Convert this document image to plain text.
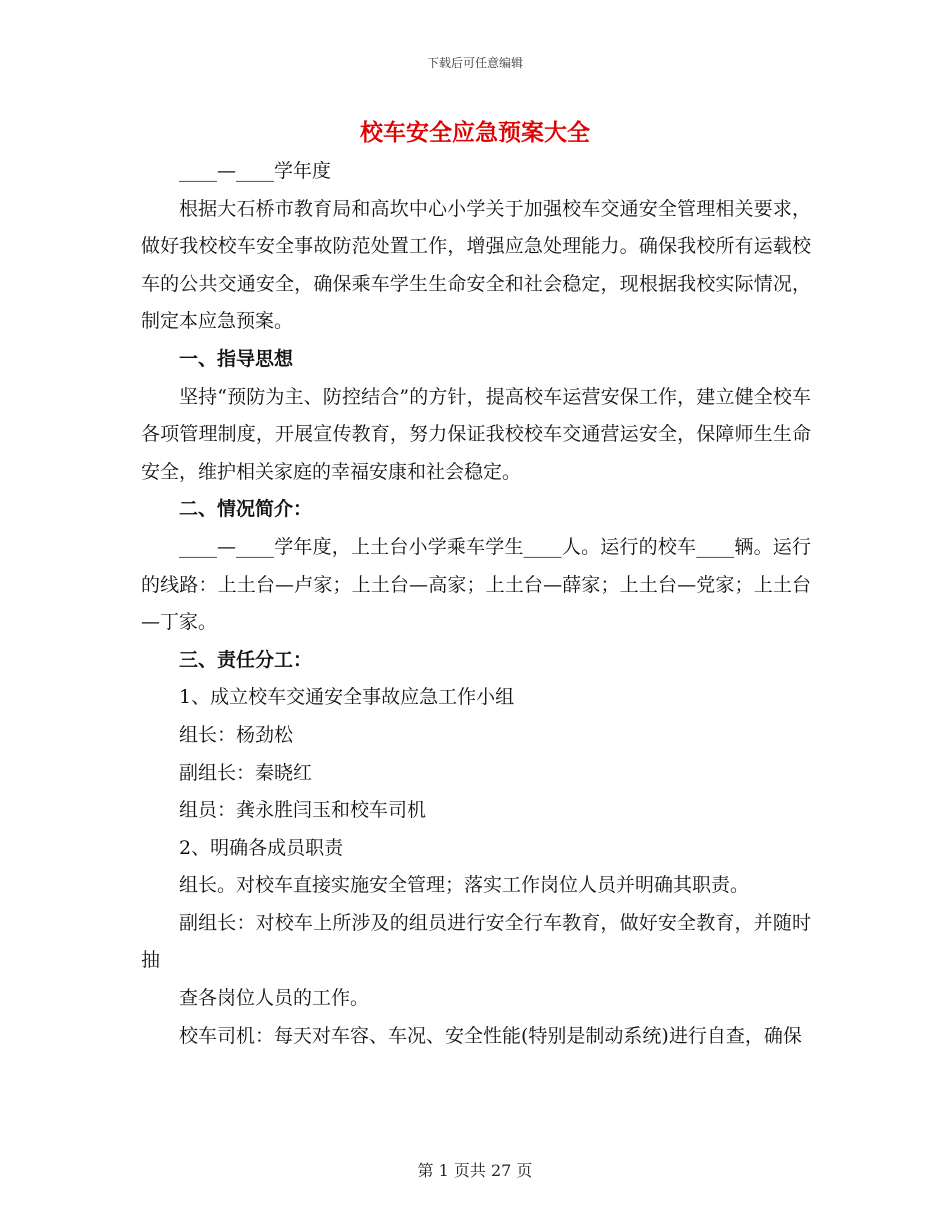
下载后可任意编辑
校车安全应急预案大全

____—____学年度

根据大石桥市教育局和高坎中心小学关于加强校车交通安全管理相关要求，做好我校校车安全事故防范处置工作，增强应急处理能力。确保我校所有运载校车的公共交通安全，确保乘车学生生命安全和社会稳定，现根据我校实际情况，制定本应急预案。

一、指导思想

坚持“预防为主、防控结合”的方针，提高校车运营安保工作，建立健全校车各项管理制度，开展宣传教育，努力保证我校校车交通营运安全，保障师生生命安全，维护相关家庭的幸福安康和社会稳定。

二、情况简介：

____—____学年度，上土台小学乘车学生____人。运行的校车____辆。运行的线路：上土台—卢家；上土台—高家；上土台—薛家；上土台—党家；上土台—丁家。

三、责任分工：

1、成立校车交通安全事故应急工作小组

组长：杨劲松

副组长：秦晓红

组员：龚永胜闫玉和校车司机

2、明确各成员职责

组长。对校车直接实施安全管理；落实工作岗位人员并明确其职责。

副组长：对校车上所涉及的组员进行安全行车教育，做好安全教育，并随时抽

查各岗位人员的工作。

校车司机：每天对车容、车况、安全性能(特别是制动系统)进行自查，确保

第 1 页共 27 页
